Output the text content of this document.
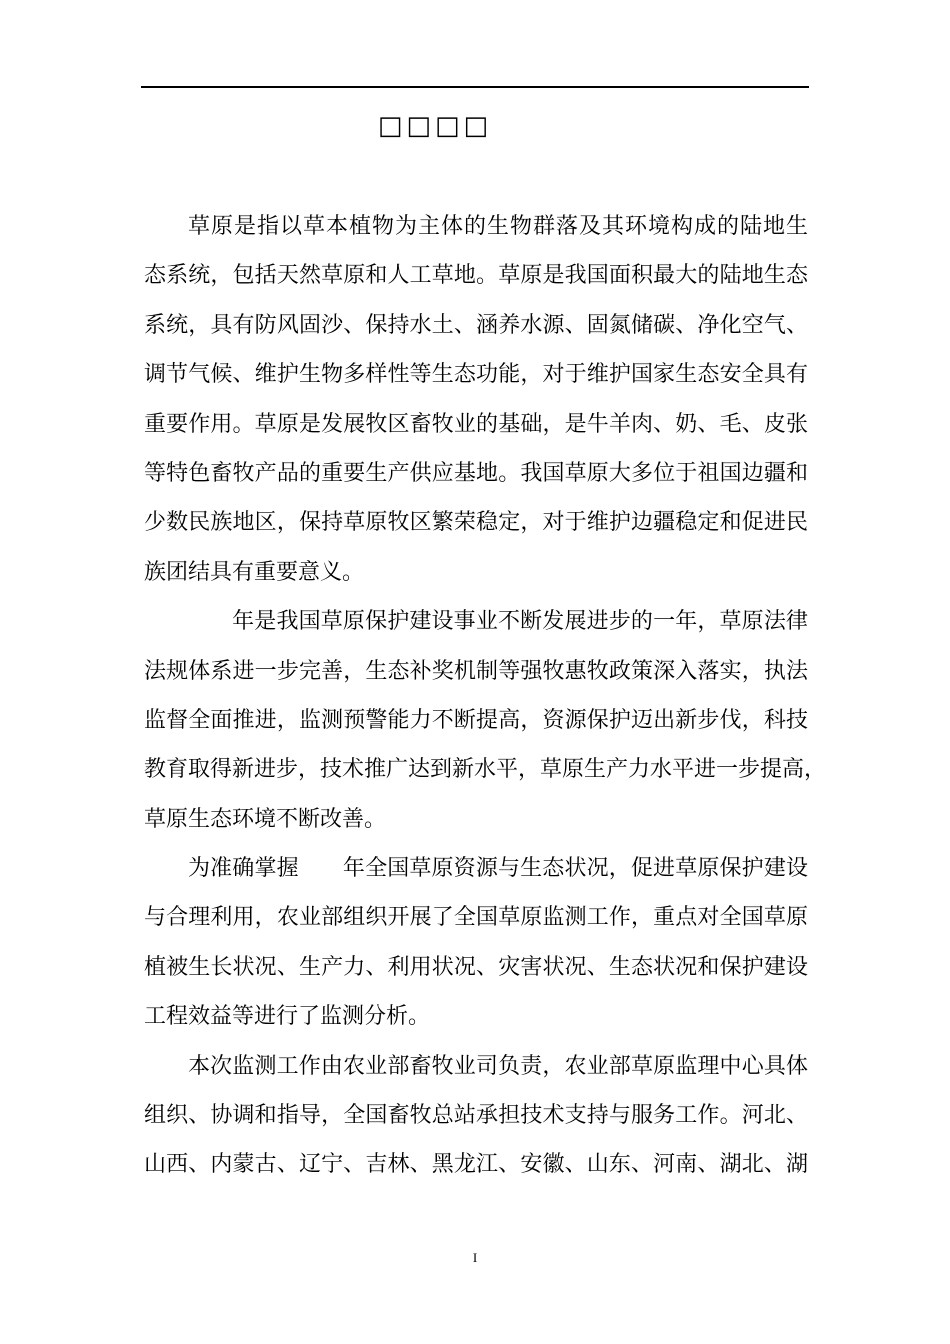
□□□□
草原是指以草本植物为主体的生物群落及其环境构成的陆地生
态系统，包括天然草原和人工草地。草原是我国面积最大的陆地生态
系统，具有防风固沙、保持水土、涵养水源、固氮储碳、净化空气、
调节气候、维护生物多样性等生态功能，对于维护国家生态安全具有
重要作用。草原是发展牧区畜牧业的基础，是牛羊肉、奶、毛、皮张
等特色畜牧产品的重要生产供应基地。我国草原大多位于祖国边疆和
少数民族地区，保持草原牧区繁荣稳定，对于维护边疆稳定和促进民
族团结具有重要意义。
年是我国草原保护建设事业不断发展进步的一年，草原法律
法规体系进一步完善，生态补奖机制等强牧惠牧政策深入落实，执法
监督全面推进，监测预警能力不断提高，资源保护迈出新步伐，科技
教育取得新进步，技术推广达到新水平，草原生产力水平进一步提高，
草原生态环境不断改善。
为准确掌握 年全国草原资源与生态状况，促进草原保护建设
与合理利用，农业部组织开展了全国草原监测工作，重点对全国草原
植被生长状况、生产力、利用状况、灾害状况、生态状况和保护建设
工程效益等进行了监测分析。
本次监测工作由农业部畜牧业司负责，农业部草原监理中心具体
组织、协调和指导，全国畜牧总站承担技术支持与服务工作。河北、
山西、内蒙古、辽宁、吉林、黑龙江、安徽、山东、河南、湖北、湖
I
